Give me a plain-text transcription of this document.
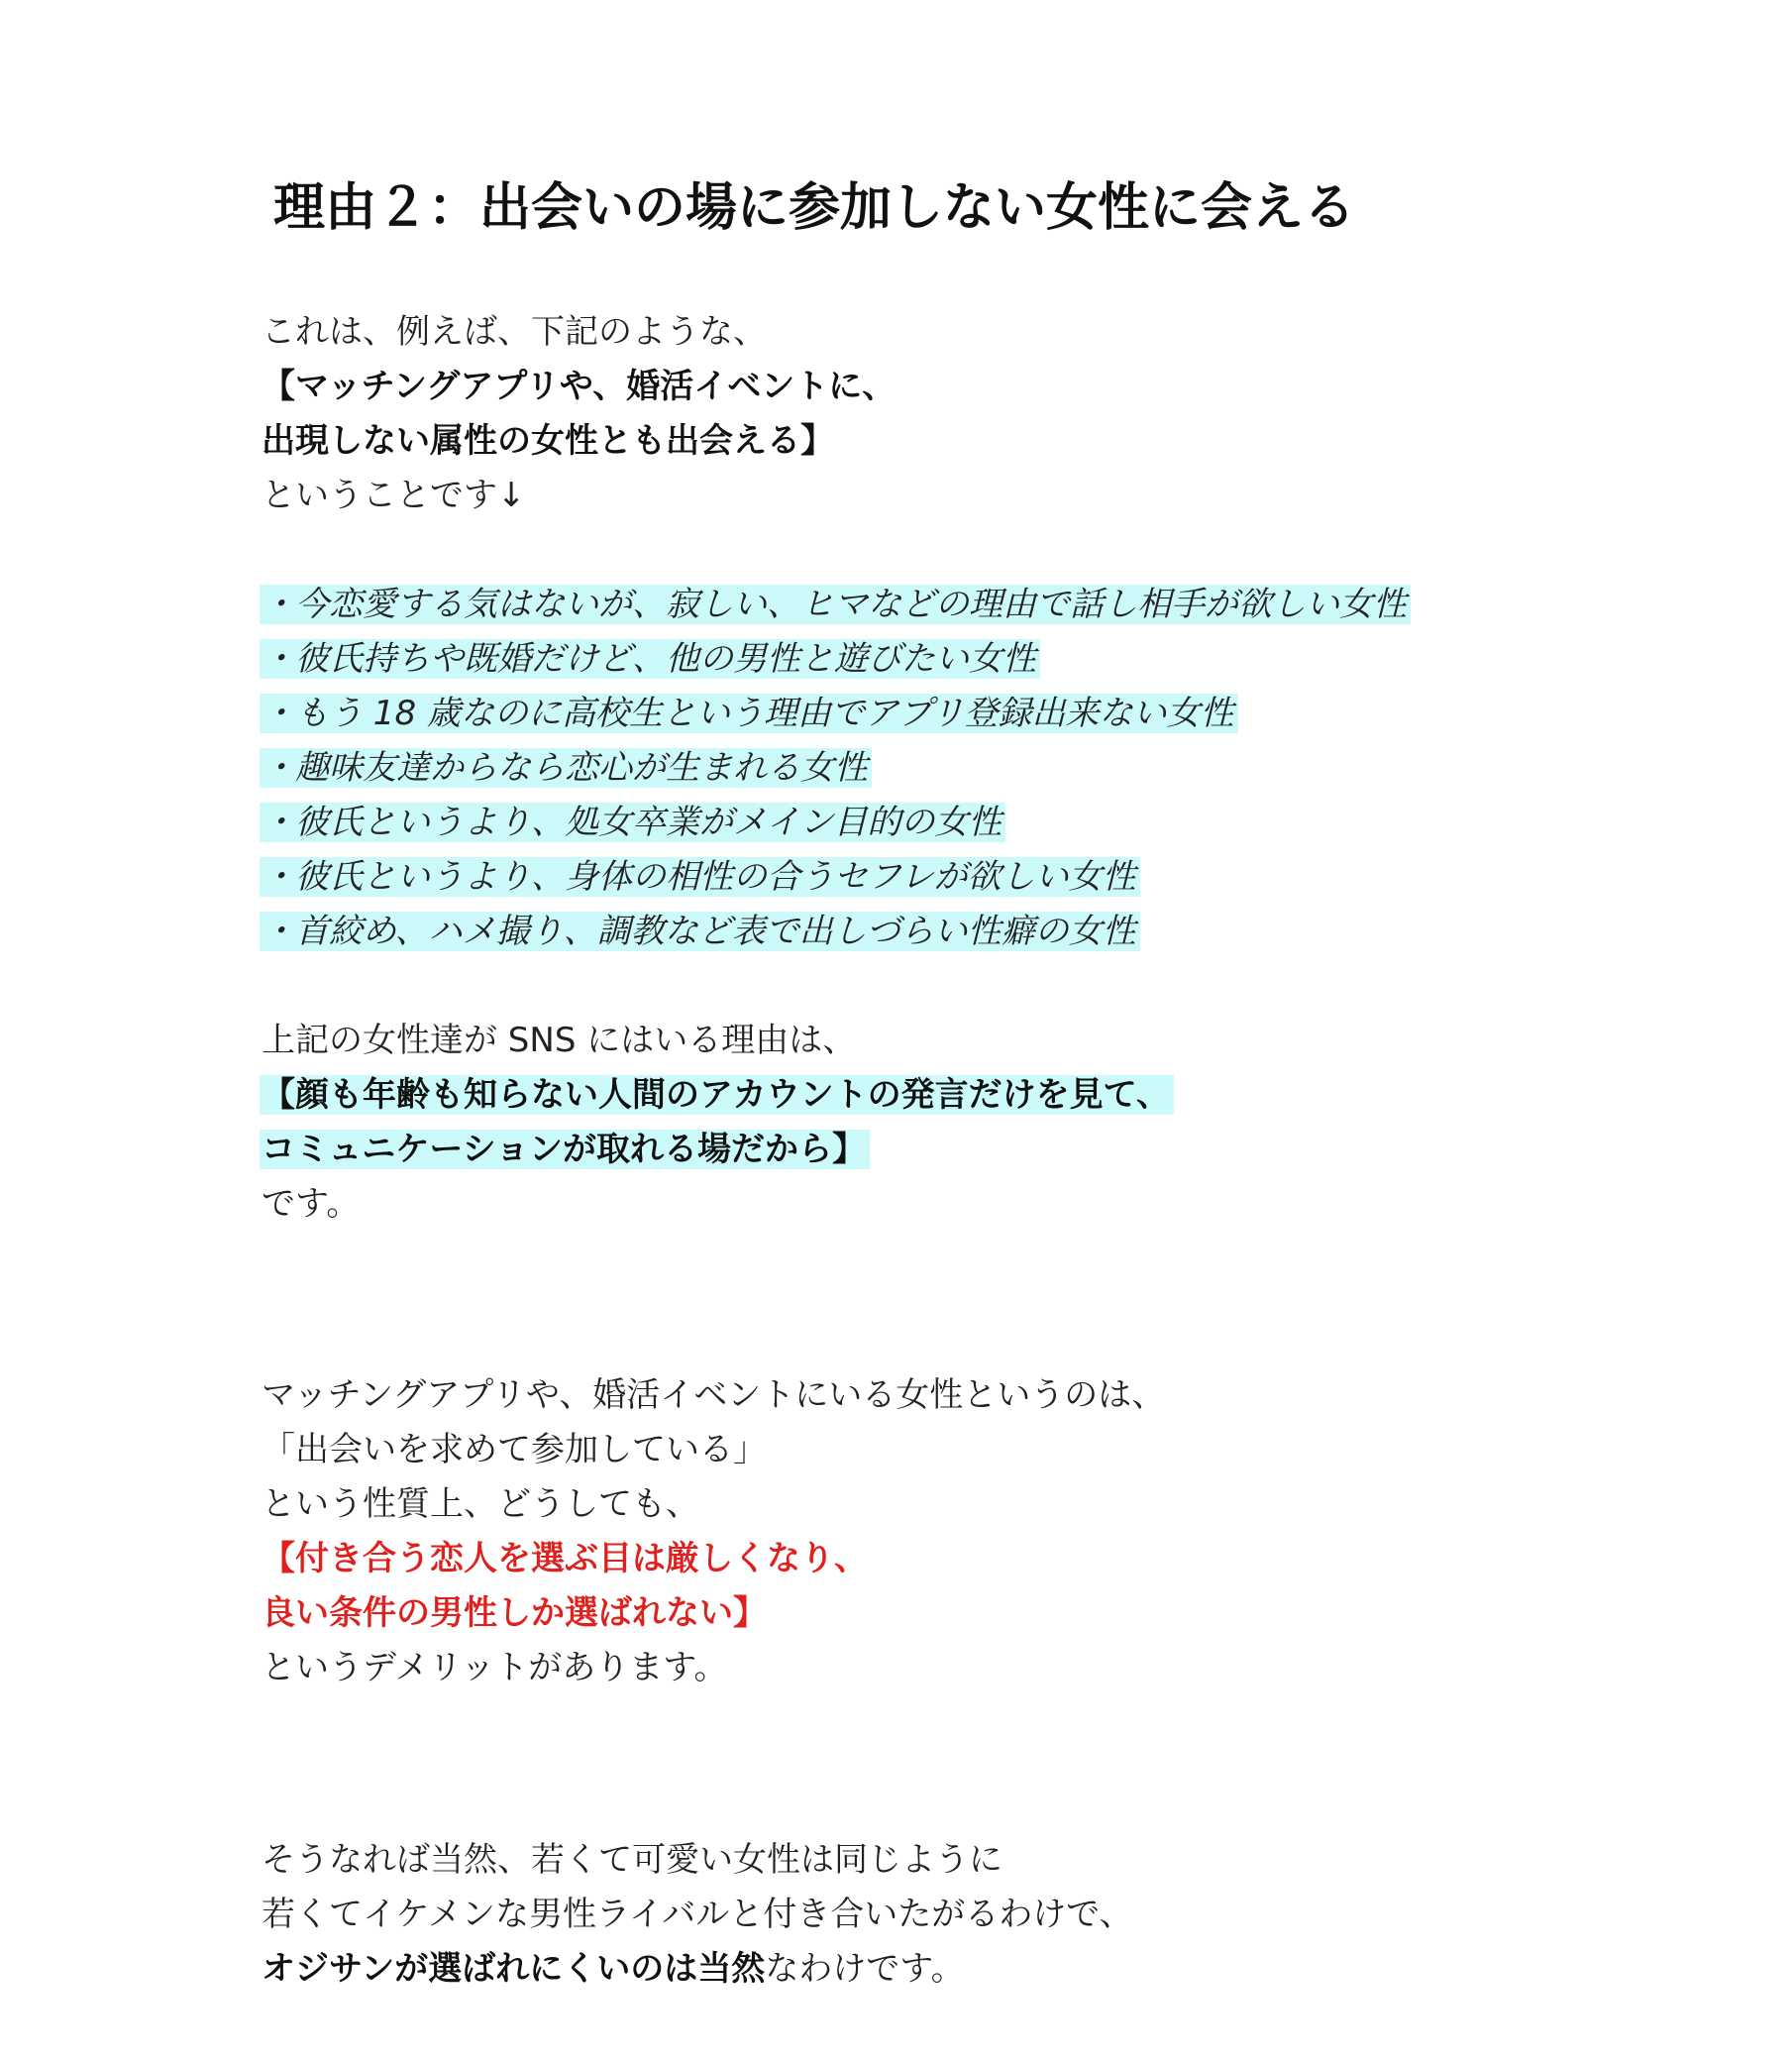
理由２：出会いの場に参加しない女性に会える

これは、例えば、下記のような、

【マッチングアプリや、婚活イベントに、

出現しない属性の女性とも出会える】

ということです↓

・今恋愛する気はないが、寂しい、ヒマなどの理由で話し相手が欲しい女性

・彼氏持ちや既婚だけど、他の男性と遊びたい女性

・もう 18 歳なのに高校生という理由でアプリ登録出来ない女性

・趣味友達からなら恋心が生まれる女性

・彼氏というより、処女卒業がメイン目的の女性

・彼氏というより、身体の相性の合うセフレが欲しい女性

・首絞め、ハメ撮り、調教など表で出しづらい性癖の女性

上記の女性達が SNS にはいる理由は、

【顔も年齢も知らない人間のアカウントの発言だけを見て、

コミュニケーションが取れる場だから】

です。

マッチングアプリや、婚活イベントにいる女性というのは、

「出会いを求めて参加している」

という性質上、どうしても、

【付き合う恋人を選ぶ目は厳しくなり、

良い条件の男性しか選ばれない】

というデメリットがあります。

そうなれば当然、若くて可愛い女性は同じように

若くてイケメンな男性ライバルと付き合いたがるわけで、

オジサンが選ばれにくいのは当然なわけです。
